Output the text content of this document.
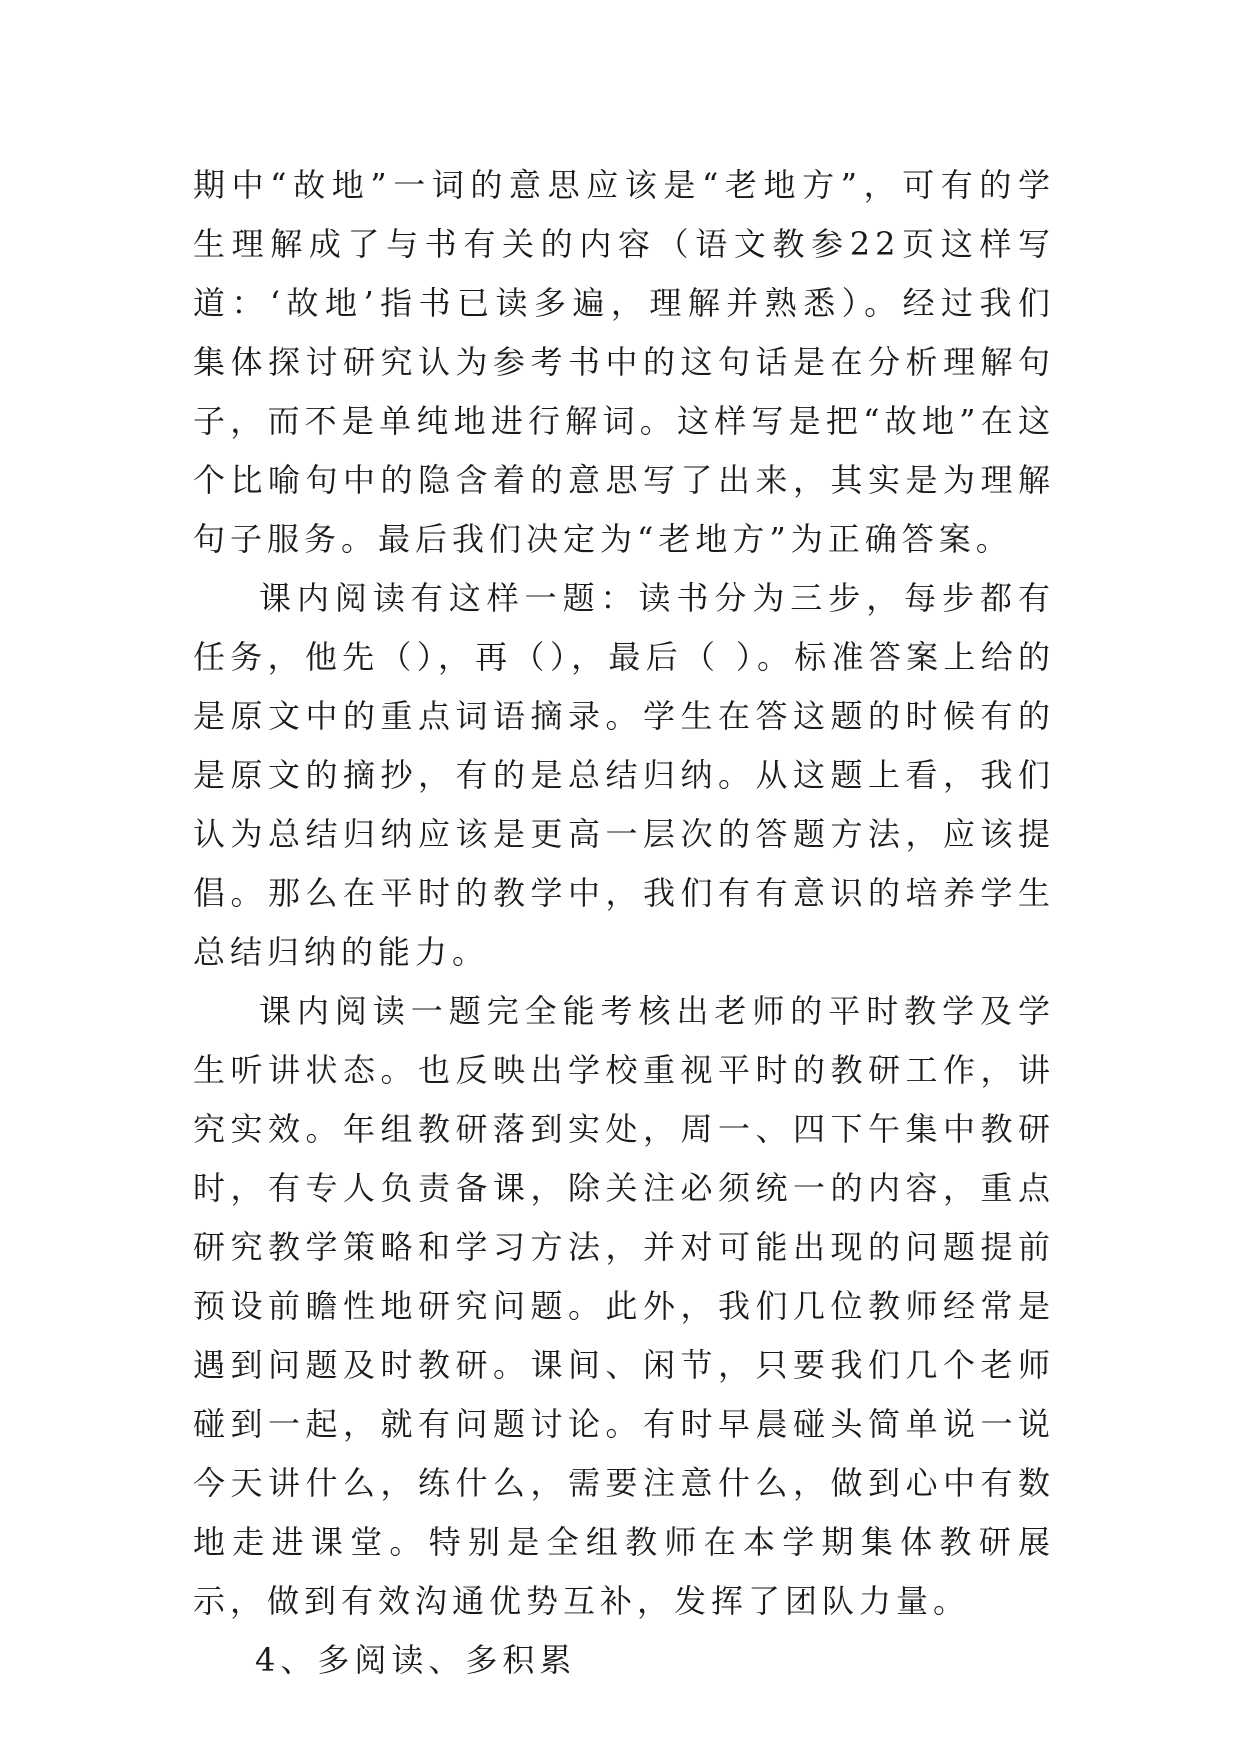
期中“故地”一词的意思应该是“老地方”，可有的学生理解成了与书有关的内容（语文教参22页这样写道：‘故地’指书已读多遍，理解并熟悉）。经过我们集体探讨研究认为参考书中的这句话是在分析理解句子，而不是单纯地进行解词。这样写是把“故地”在这个比喻句中的隐含着的意思写了出来，其实是为理解句子服务。最后我们决定为“老地方”为正确答案。

课内阅读有这样一题：读书分为三步，每步都有任务，他先（），再（），最后（ ）。标准答案上给的是原文中的重点词语摘录。学生在答这题的时候有的是原文的摘抄，有的是总结归纳。从这题上看，我们认为总结归纳应该是更高一层次的答题方法，应该提倡。那么在平时的教学中，我们有有意识的培养学生总结归纳的能力。

课内阅读一题完全能考核出老师的平时教学及学生听讲状态。也反映出学校重视平时的教研工作，讲究实效。年组教研落到实处，周一、四下午集中教研时，有专人负责备课，除关注必须统一的内容，重点研究教学策略和学习方法，并对可能出现的问题提前预设前瞻性地研究问题。此外，我们几位教师经常是遇到问题及时教研。课间、闲节，只要我们几个老师碰到一起，就有问题讨论。有时早晨碰头简单说一说今天讲什么，练什么，需要注意什么，做到心中有数地走进课堂。特别是全组教师在本学期集体教研展示，做到有效沟通优势互补，发挥了团队力量。

4、多阅读、多积累
